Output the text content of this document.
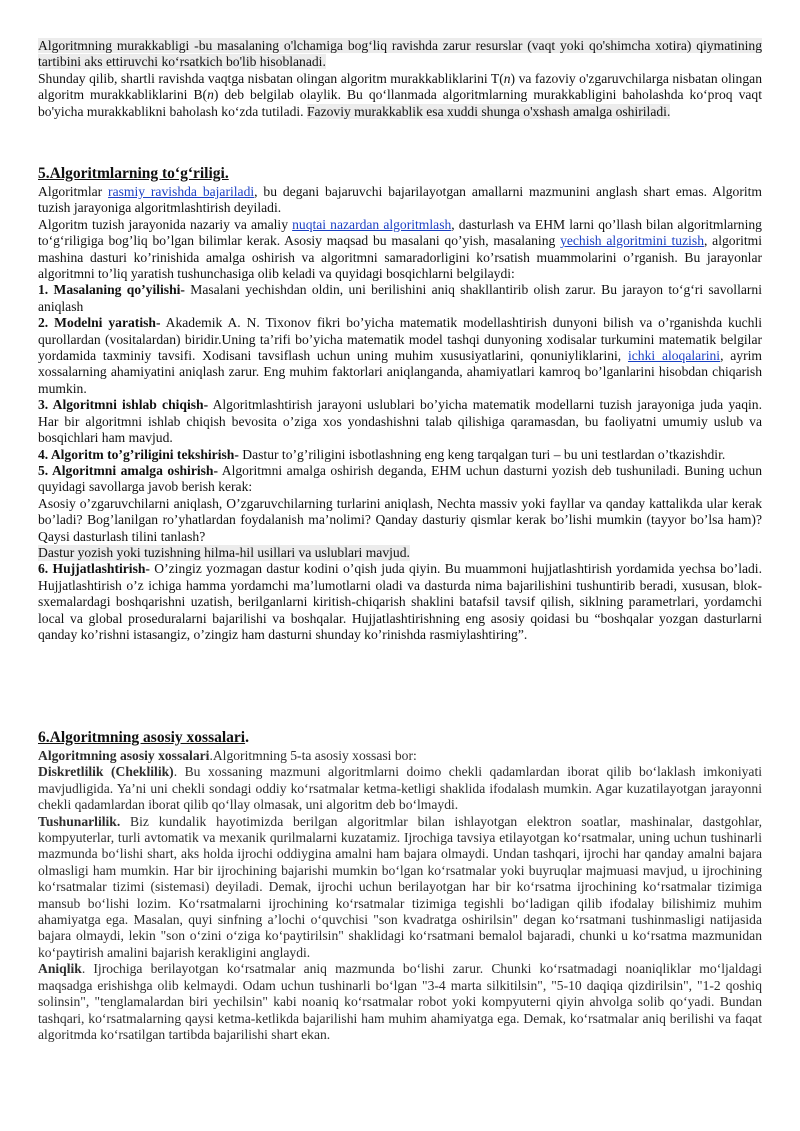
Algoritmning murakkabligi -bu masalaning o'lchamiga bog‘liq ravishda zarur resurslar (vaqt yoki qo'shimcha xotira) qiymatining tartibini aks ettiruvchi ko‘rsatkich bo'lib hisoblanadi.

Shunday qilib, shartli ravishda vaqtga nisbatan olingan algoritm murakkabliklarini T(n) va fazoviy o'zgaruvchilarga nisbatan olingan algoritm murakkabliklarini B(n) deb belgilab olaylik. Bu qo‘llanmada algoritmlarning murakkabligini baholashda ko‘proq vaqt bo'yicha murakkablikni baholash ko‘zda tutiladi. Fazoviy murakkablik esa xuddi shunga o'xshash amalga oshiriladi.

5.Algoritmlarning to‘g‘riligi.

Algoritmlar rasmiy ravishda bajariladi, bu degani bajaruvchi bajarilayotgan amallarni mazmunini anglash shart emas. Algoritm tuzish jarayoniga algoritmlashtirish deyiladi.

Algoritm tuzish jarayonida nazariy va amaliy nuqtai nazardan algoritmlash, dasturlash va EHM larni qo’llash bilan algoritmlarning to‘g‘riligiga bog’liq bo’lgan bilimlar kerak. Asosiy maqsad bu masalani qo’yish, masalaning yechish algoritmini tuzish, algoritmi mashina dasturi ko’rinishida amalga oshirish va algoritmni samaradorligini ko’rsatish muammolarini o’rganish. Bu jarayonlar algoritmni to’liq yaratish tushunchasiga olib keladi va quyidagi bosqichlarni belgilaydi:

1. Masalaning qo’yilishi- Masalani yechishdan oldin, uni berilishini aniq shakllantirib olish zarur. Bu jarayon to‘g‘ri savollarni aniqlash

2. Modelni yaratish- Akademik A. N. Tixonov fikri bo’yicha matematik modellashtirish dunyoni bilish va o’rganishda kuchli qurollardan (vositalardan) biridir.Uning ta’rifi bo’yicha matematik model tashqi dunyoning xodisalar turkumini matematik belgilar yordamida taxminiy tavsifi. Xodisani tavsiflash uchun uning muhim xususiyatlarini, qonuniyliklarini, ichki aloqalarini, ayrim xossalarning ahamiyatini aniqlash zarur. Eng muhim faktorlari aniqlanganda, ahamiyatlari kamroq bo’lganlarini hisobdan chiqarish mumkin.

3. Algoritmni ishlab chiqish- Algoritmlashtirish jarayoni uslublari bo’yicha matematik modellarni tuzish jarayoniga juda yaqin. Har bir algoritmni ishlab chiqish bevosita o’ziga xos yondashishni talab qilishiga qaramasdan, bu faoliyatni umumiy uslub va bosqichlari ham mavjud.

4. Algoritm to’g’riligini tekshirish- Dastur to’g’riligini isbotlashning eng keng tarqalgan turi – bu uni testlardan o’tkazishdir.

5. Algoritmni amalga oshirish- Algoritmni amalga oshirish deganda, EHM uchun dasturni yozish deb tushuniladi. Buning uchun quyidagi savollarga javob berish kerak:

Asosiy o’zgaruvchilarni aniqlash, O’zgaruvchilarning turlarini aniqlash, Nechta massiv yoki fayllar va qanday kattalikda ular kerak bo’ladi? Bog’lanilgan ro’yhatlardan foydalanish ma’nolimi? Qanday dasturiy qismlar kerak bo’lishi mumkin (tayyor bo’lsa ham)? Qaysi dasturlash tilini tanlash?

Dastur yozish yoki tuzishning hilma-hil usillari va uslublari mavjud.

6. Hujjatlashtirish- O’zingiz yozmagan dastur kodini o’qish juda qiyin. Bu muammoni hujjatlashtirish yordamida yechsa bo’ladi. Hujjatlashtirish o’z ichiga hamma yordamchi ma’lumotlarni oladi va dasturda nima bajarilishini tushuntirib beradi, xususan, blok-sxemalardagi boshqarishni uzatish, berilganlarni kiritish-chiqarish shaklini batafsil tavsif qilish, siklning parametrlari, yordamchi local va global proseduralarni bajarilishi va boshqalar. Hujjatlashtirishning eng asosiy qoidasi bu “boshqalar yozgan dasturlarni qanday ko’rishni istasangiz, o’zingiz ham dasturni shunday ko’rinishda rasmiylashtiring”.

6.Algoritmning asosiy xossalari.

Algoritmning asosiy xossalari.Algoritmning 5-ta asosiy xossasi bor:

Diskretlilik (Cheklilik). Bu xossaning mazmuni algoritmlarni doimo chekli qadamlardan iborat qilib bo‘laklash imkoniyati mavjudligida. Ya’ni uni chekli sondagi oddiy ko‘rsatmalar ketma-ketligi shaklida ifodalash mumkin. Agar kuzatilayotgan jarayonni chekli qadamlardan iborat qilib qo‘llay olmasak, uni algoritm deb bo‘lmaydi.

Tushunarlilik. Biz kundalik hayotimizda berilgan algoritmlar bilan ishlayotgan elektron soatlar, mashinalar, dastgohlar, kompyuterlar, turli avtomatik va mexanik qurilmalarni kuzatamiz. Ijrochiga tavsiya etilayotgan ko‘rsatmalar, uning uchun tushinarli mazmunda bo‘lishi shart, aks holda ijrochi oddiygina amalni ham bajara olmaydi. Undan tashqari, ijrochi har qanday amalni bajara olmasligi ham mumkin. Har bir ijrochining bajarishi mumkin bo‘lgan ko‘rsatmalar yoki buyruqlar majmuasi mavjud, u ijrochining ko‘rsatmalar tizimi (sistemasi) deyiladi. Demak, ijrochi uchun berilayotgan har bir ko‘rsatma ijrochining ko‘rsatmalar tizimiga mansub bo‘lishi lozim. Ko‘rsatmalarni ijrochining ko‘rsatmalar tizimiga tegishli bo‘ladigan qilib ifodalay bilishimiz muhim ahamiyatga ega. Masalan, quyi sinfning a’lochi o‘quvchisi "son kvadratga oshirilsin" degan ko‘rsatmani tushinmasligi natijasida bajara olmaydi, lekin "son o‘zini o‘ziga ko‘paytirilsin" shaklidagi ko‘rsatmani bemalol bajaradi, chunki u ko‘rsatma mazmunidan ko‘paytirish amalini bajarish kerakligini anglaydi.

Aniqlik. Ijrochiga berilayotgan ko‘rsatmalar aniq mazmunda bo‘lishi zarur. Chunki ko‘rsatmadagi noaniqliklar mo‘ljaldagi maqsadga erishishga olib kelmaydi. Odam uchun tushinarli bo‘lgan "3-4 marta silkitilsin", "5-10 daqiqa qizdirilsin", "1-2 qoshiq solinsin", "tenglamalardan biri yechilsin" kabi noaniq ko‘rsatmalar robot yoki kompyuterni qiyin ahvolga solib qo‘yadi. Bundan tashqari, ko‘rsatmalarning qaysi ketma-ketlikda bajarilishi ham muhim ahamiyatga ega. Demak, ko‘rsatmalar aniq berilishi va faqat algoritmda ko‘rsatilgan tartibda bajarilishi shart ekan.
